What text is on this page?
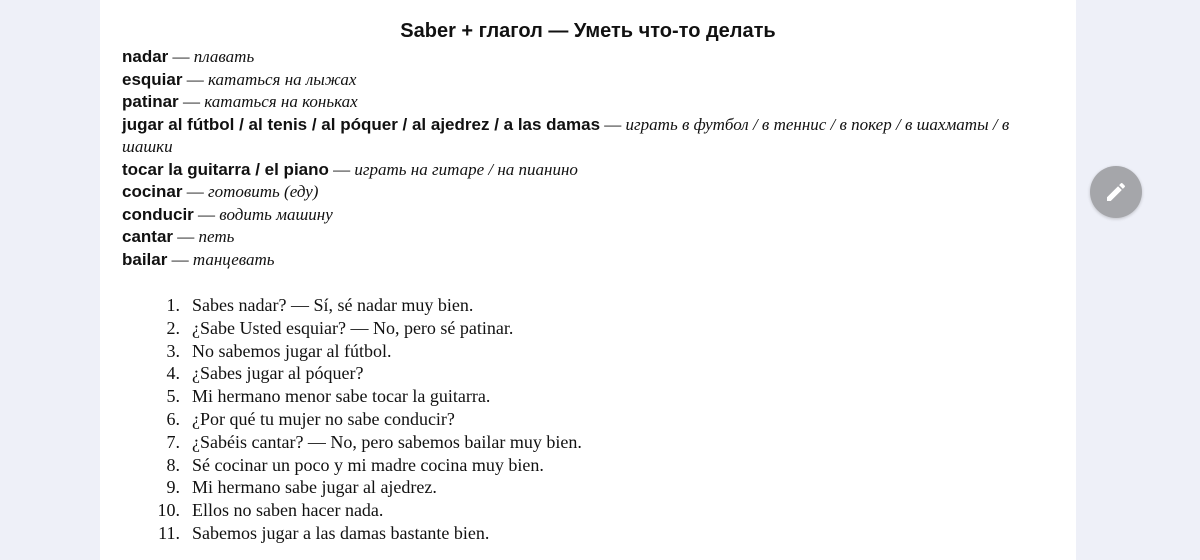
Saber + глагол — Уметь что-то делать
nadar — плавать
esquiar — кататься на лыжах
patinar — кататься на коньках
jugar al fútbol / al tenis / al póquer / al ajedrez / a las damas — играть в футбол / в теннис / в покер / в шахматы / в шашки
tocar la guitarra / el piano — играть на гитаре / на пианино
cocinar — готовить (еду)
conducir — водить машину
cantar — петь
bailar — танцевать
1. Sabes nadar? — Sí, sé nadar muy bien.
2. ¿Sabe Usted esquiar? — No, pero sé patinar.
3. No sabemos jugar al fútbol.
4. ¿Sabes jugar al póquer?
5. Mi hermano menor sabe tocar la guitarra.
6. ¿Por qué tu mujer no sabe conducir?
7. ¿Sabéis cantar? — No, pero sabemos bailar muy bien.
8. Sé cocinar un poco y mi madre cocina muy bien.
9. Mi hermano sabe jugar al ajedrez.
10. Ellos no saben hacer nada.
11. Sabemos jugar a las damas bastante bien.
